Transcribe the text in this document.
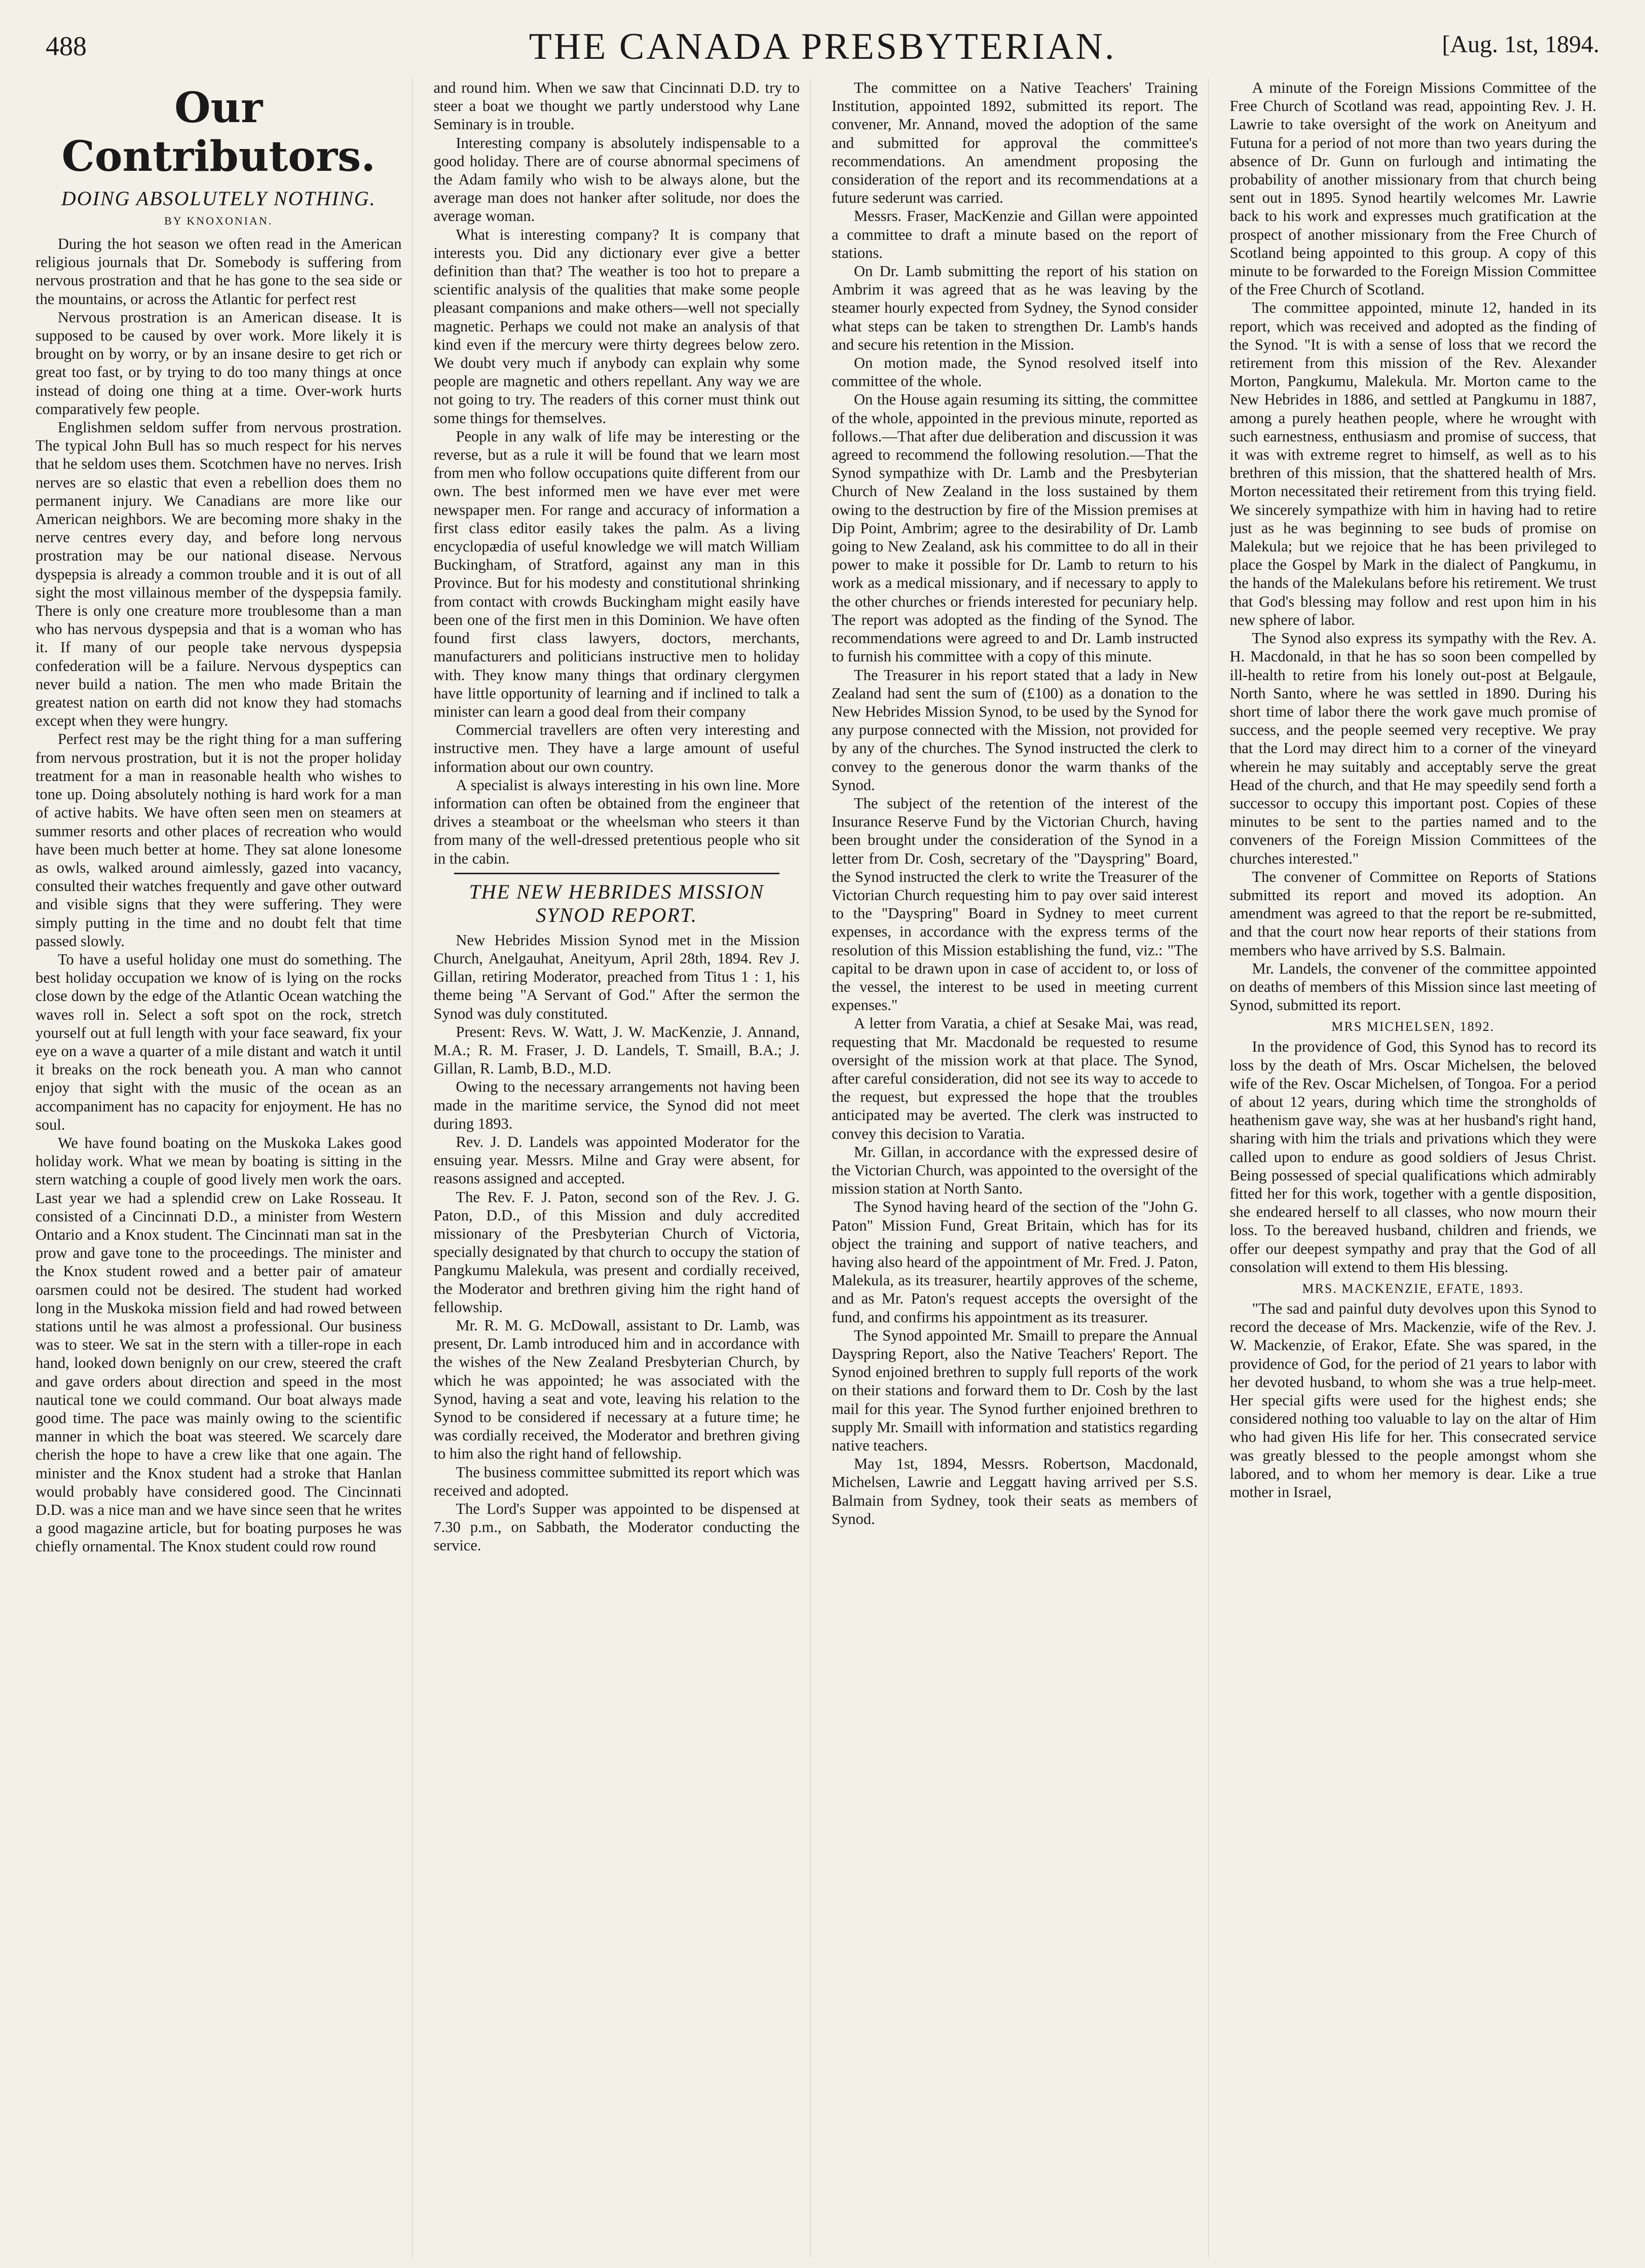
488	THE CANADA PRESBYTERIAN.	[Aug. 1st, 1894.
Our Contributors.
DOING ABSOLUTELY NOTHING.
BY KNOXONIAN.

During the hot season we often read in the American religious journals that Dr. Somebody is suffering from nervous prostration and that he has gone to the sea side or the mountains, or across the Atlantic for perfect rest

Nervous prostration is an American disease. It is supposed to be caused by over work. More likely it is brought on by worry, or by an insane desire to get rich or great too fast, or by trying to do too many things at once instead of doing one thing at a time. Over-work hurts comparatively few people.

Englishmen seldom suffer from nervous prostration. The typical John Bull has so much respect for his nerves that he seldom uses them. Scotchmen have no nerves. Irish nerves are so elastic that even a rebellion does them no permanent injury. We Canadians are more like our American neighbors. We are becoming more shaky in the nerve centres every day, and before long nervous prostration may be our national disease. Nervous dyspepsia is already a common trouble and it is out of all sight the most villainous member of the dyspepsia family. There is only one creature more troublesome than a man who has nervous dyspepsia and that is a woman who has it. If many of our people take nervous dyspepsia confederation will be a failure. Nervous dyspeptics can never build a nation. The men who made Britain the greatest nation on earth did not know they had stomachs except when they were hungry.

Perfect rest may be the right thing for a man suffering from nervous prostration, but it is not the proper holiday treatment for a man in reasonable health who wishes to tone up. Doing absolutely nothing is hard work for a man of active habits. We have often seen men on steamers at summer resorts and other places of recreation who would have been much better at home. They sat alone lonesome as owls, walked around aimlessly, gazed into vacancy, consulted their watches frequently and gave other outward and visible signs that they were suffering. They were simply putting in the time and no doubt felt that time passed slowly.

To have a useful holiday one must do something. The best holiday occupation we know of is lying on the rocks close down by the edge of the Atlantic Ocean watching the waves roll in. Select a soft spot on the rock, stretch yourself out at full length with your face seaward, fix your eye on a wave a quarter of a mile distant and watch it until it breaks on the rock beneath you. A man who cannot enjoy that sight with the music of the ocean as an accompaniment has no capacity for enjoyment. He has no soul.

We have found boating on the Muskoka Lakes good holiday work. What we mean by boating is sitting in the stern watching a couple of good lively men work the oars. Last year we had a splendid crew on Lake Rosseau. It consisted of a Cincinnati D.D., a minister from Western Ontario and a Knox student. The Cincinnati man sat in the prow and gave tone to the proceedings. The minister and the Knox student rowed and a better pair of amateur oarsmen could not be desired. The student had worked long in the Muskoka mission field and had rowed between stations until he was almost a professional. Our business was to steer. We sat in the stern with a tiller-rope in each hand, looked down benignly on our crew, steered the craft and gave orders about direction and speed in the most nautical tone we could command. Our boat always made good time. The pace was mainly owing to the scientific manner in which the boat was steered. We scarcely dare cherish the hope to have a crew like that one again. The minister and the Knox student had a stroke that Hanlan would probably have considered good. The Cincinnati D.D. was a nice man and we have since seen that he writes a good magazine article, but for boating purposes he was chiefly ornamental. The Knox student could row round

and round him. When we saw that Cincinnati D.D. try to steer a boat we thought we partly understood why Lane Seminary is in trouble.

Interesting company is absolutely indispensable to a good holiday. There are of course abnormal specimens of the Adam family who wish to be always alone, but the average man does not hanker after solitude, nor does the average woman.

What is interesting company? It is company that interests you. Did any dictionary ever give a better definition than that? The weather is too hot to prepare a scientific analysis of the qualities that make some people pleasant companions and make others—well not specially magnetic. Perhaps we could not make an analysis of that kind even if the mercury were thirty degrees below zero. We doubt very much if anybody can explain why some people are magnetic and others repellant. Any way we are not going to try. The readers of this corner must think out some things for themselves.

People in any walk of life may be interesting or the reverse, but as a rule it will be found that we learn most from men who follow occupations quite different from our own. The best informed men we have ever met were newspaper men. For range and accuracy of information a first class editor easily takes the palm. As a living encyclopædia of useful knowledge we will match William Buckingham, of Stratford, against any man in this Province. But for his modesty and constitutional shrinking from contact with crowds Buckingham might easily have been one of the first men in this Dominion. We have often found first class lawyers, doctors, merchants, manufacturers and politicians instructive men to holiday with. They know many things that ordinary clergymen have little opportunity of learning and if inclined to talk a minister can learn a good deal from their company

Commercial travellers are often very interesting and instructive men. They have a large amount of useful information about our own country.

A specialist is always interesting in his own line. More information can often be obtained from the engineer that drives a steamboat or the wheelsman who steers it than from many of the well-dressed pretentious people who sit in the cabin.

THE NEW HEBRIDES MISSION SYNOD REPORT.

New Hebrides Mission Synod met in the Mission Church, Anelgauhat, Aneityum, April 28th, 1894. Rev J. Gillan, retiring Moderator, preached from Titus 1 : 1, his theme being "A Servant of God." After the sermon the Synod was duly constituted.

Present: Revs. W. Watt, J. W. MacKenzie, J. Annand, M.A.; R. M. Fraser, J. D. Landels, T. Smaill, B.A.; J. Gillan, R. Lamb, B.D., M.D.

Owing to the necessary arrangements not having been made in the maritime service, the Synod did not meet during 1893.

Rev. J. D. Landels was appointed Moderator for the ensuing year. Messrs. Milne and Gray were absent, for reasons assigned and accepted.

The Rev. F. J. Paton, second son of the Rev. J. G. Paton, D.D., of this Mission and duly accredited missionary of the Presbyterian Church of Victoria, specially designated by that church to occupy the station of Pangkumu Malekula, was present and cordially received, the Moderator and brethren giving him the right hand of fellowship.

Mr. R. M. G. McDowall, assistant to Dr. Lamb, was present, Dr. Lamb introduced him and in accordance with the wishes of the New Zealand Presbyterian Church, by which he was appointed; he was associated with the Synod, having a seat and vote, leaving his relation to the Synod to be considered if necessary at a future time; he was cordially received, the Moderator and brethren giving to him also the right hand of fellowship.

The business committee submitted its report which was received and adopted.

The Lord's Supper was appointed to be dispensed at 7.30 p.m., on Sabbath, the Moderator conducting the service.

The committee on a Native Teachers' Training Institution, appointed 1892, submitted its report. The convener, Mr. Annand, moved the adoption of the same and submitted for approval the committee's recommendations. An amendment proposing the consideration of the report and its recommendations at a future sederunt was carried.

Messrs. Fraser, MacKenzie and Gillan were appointed a committee to draft a minute based on the report of stations.

On Dr. Lamb submitting the report of his station on Ambrim it was agreed that as he was leaving by the steamer hourly expected from Sydney, the Synod consider what steps can be taken to strengthen Dr. Lamb's hands and secure his retention in the Mission.

On motion made, the Synod resolved itself into committee of the whole.

On the House again resuming its sitting, the committee of the whole, appointed in the previous minute, reported as follows.—That after due deliberation and discussion it was agreed to recommend the following resolution.—That the Synod sympathize with Dr. Lamb and the Presbyterian Church of New Zealand in the loss sustained by them owing to the destruction by fire of the Mission premises at Dip Point, Ambrim; agree to the desirability of Dr. Lamb going to New Zealand, ask his committee to do all in their power to make it possible for Dr. Lamb to return to his work as a medical missionary, and if necessary to apply to the other churches or friends interested for pecuniary help. The report was adopted as the finding of the Synod. The recommendations were agreed to and Dr. Lamb instructed to furnish his committee with a copy of this minute.

The Treasurer in his report stated that a lady in New Zealand had sent the sum of (£100) as a donation to the New Hebrides Mission Synod, to be used by the Synod for any purpose connected with the Mission, not provided for by any of the churches. The Synod instructed the clerk to convey to the generous donor the warm thanks of the Synod.

The subject of the retention of the interest of the Insurance Reserve Fund by the Victorian Church, having been brought under the consideration of the Synod in a letter from Dr. Cosh, secretary of the "Dayspring" Board, the Synod instructed the clerk to write the Treasurer of the Victorian Church requesting him to pay over said interest to the "Dayspring" Board in Sydney to meet current expenses, in accordance with the express terms of the resolution of this Mission establishing the fund, viz.: "The capital to be drawn upon in case of accident to, or loss of the vessel, the interest to be used in meeting current expenses."

A letter from Varatia, a chief at Sesake Mai, was read, requesting that Mr. Macdonald be requested to resume oversight of the mission work at that place. The Synod, after careful consideration, did not see its way to accede to the request, but expressed the hope that the troubles anticipated may be averted. The clerk was instructed to convey this decision to Varatia.

Mr. Gillan, in accordance with the expressed desire of the Victorian Church, was appointed to the oversight of the mission station at North Santo.

The Synod having heard of the section of the "John G. Paton" Mission Fund, Great Britain, which has for its object the training and support of native teachers, and having also heard of the appointment of Mr. Fred. J. Paton, Malekula, as its treasurer, heartily approves of the scheme, and as Mr. Paton's request accepts the oversight of the fund, and confirms his appointment as its treasurer.

The Synod appointed Mr. Smaill to prepare the Annual Dayspring Report, also the Native Teachers' Report. The Synod enjoined brethren to supply full reports of the work on their stations and forward them to Dr. Cosh by the last mail for this year. The Synod further enjoined brethren to supply Mr. Smaill with information and statistics regarding native teachers.

May 1st, 1894, Messrs. Robertson, Macdonald, Michelsen, Lawrie and Leggatt having arrived per S.S. Balmain from Sydney, took their seats as members of Synod.

A minute of the Foreign Missions Committee of the Free Church of Scotland was read, appointing Rev. J. H. Lawrie to take oversight of the work on Aneityum and Futuna for a period of not more than two years during the absence of Dr. Gunn on furlough and intimating the probability of another missionary from that church being sent out in 1895. Synod heartily welcomes Mr. Lawrie back to his work and expresses much gratification at the prospect of another missionary from the Free Church of Scotland being appointed to this group. A copy of this minute to be forwarded to the Foreign Mission Committee of the Free Church of Scotland.

The committee appointed, minute 12, handed in its report, which was received and adopted as the finding of the Synod. "It is with a sense of loss that we record the retirement from this mission of the Rev. Alexander Morton, Pangkumu, Malekula. Mr. Morton came to the New Hebrides in 1886, and settled at Pangkumu in 1887, among a purely heathen people, where he wrought with such earnestness, enthusiasm and promise of success, that it was with extreme regret to himself, as well as to his brethren of this mission, that the shattered health of Mrs. Morton necessitated their retirement from this trying field. We sincerely sympathize with him in having had to retire just as he was beginning to see buds of promise on Malekula; but we rejoice that he has been privileged to place the Gospel by Mark in the dialect of Pangkumu, in the hands of the Malekulans before his retirement. We trust that God's blessing may follow and rest upon him in his new sphere of labor.

The Synod also express its sympathy with the Rev. A. H. Macdonald, in that he has so soon been compelled by ill-health to retire from his lonely out-post at Belgaule, North Santo, where he was settled in 1890. During his short time of labor there the work gave much promise of success, and the people seemed very receptive. We pray that the Lord may direct him to a corner of the vineyard wherein he may suitably and acceptably serve the great Head of the church, and that He may speedily send forth a successor to occupy this important post. Copies of these minutes to be sent to the parties named and to the conveners of the Foreign Mission Committees of the churches interested."

The convener of Committee on Reports of Stations submitted its report and moved its adoption. An amendment was agreed to that the report be re-submitted, and that the court now hear reports of their stations from members who have arrived by S.S. Balmain.

Mr. Landels, the convener of the committee appointed on deaths of members of this Mission since last meeting of Synod, submitted its report.

MRS MICHELSEN, 1892.

In the providence of God, this Synod has to record its loss by the death of Mrs. Oscar Michelsen, the beloved wife of the Rev. Oscar Michelsen, of Tongoa. For a period of about 12 years, during which time the strongholds of heathenism gave way, she was at her husband's right hand, sharing with him the trials and privations which they were called upon to endure as good soldiers of Jesus Christ. Being possessed of special qualifications which admirably fitted her for this work, together with a gentle disposition, she endeared herself to all classes, who now mourn their loss. To the bereaved husband, children and friends, we offer our deepest sympathy and pray that the God of all consolation will extend to them His blessing.

MRS. MACKENZIE, EFATE, 1893.

"The sad and painful duty devolves upon this Synod to record the decease of Mrs. Mackenzie, wife of the Rev. J. W. Mackenzie, of Erakor, Efate. She was spared, in the providence of God, for the period of 21 years to labor with her devoted husband, to whom she was a true help-meet. Her special gifts were used for the highest ends; she considered nothing too valuable to lay on the altar of Him who had given His life for her. This consecrated service was greatly blessed to the people amongst whom she labored, and to whom her memory is dear. Like a true mother in Israel,
